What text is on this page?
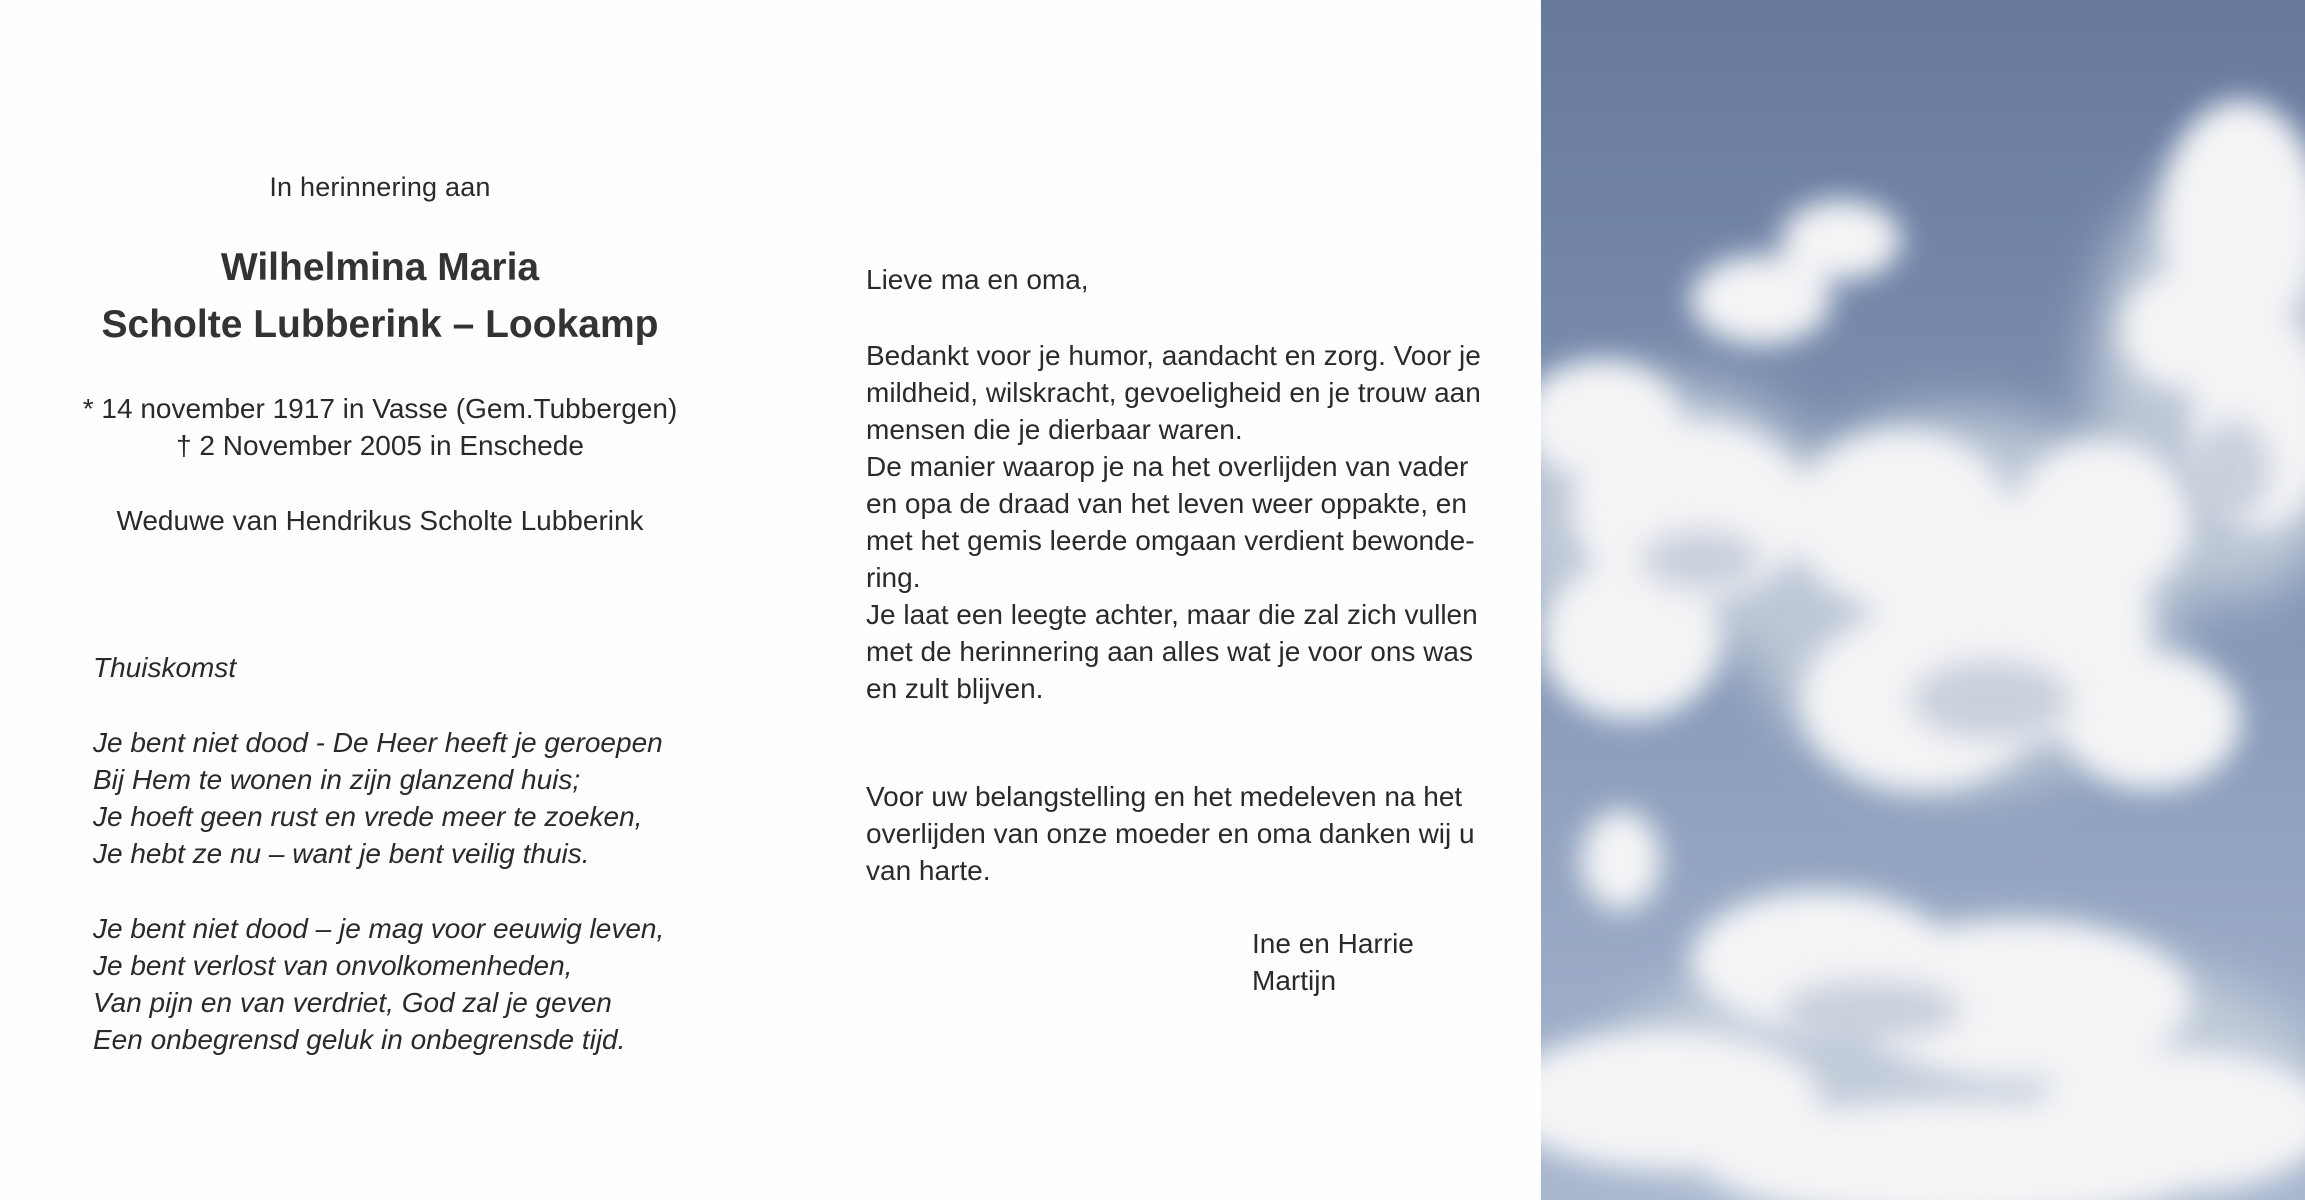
In herinnering aan
Wilhelmina Maria
Scholte Lubberink – Lookamp
* 14 november 1917 in Vasse (Gem.Tubbergen)
† 2 November 2005 in Enschede
Weduwe van Hendrikus Scholte Lubberink
Thuiskomst
Je bent niet dood - De Heer heeft je geroepen
Bij Hem te wonen in zijn glanzend huis;
Je hoeft geen rust en vrede meer te zoeken,
Je hebt ze nu – want je bent veilig thuis.
Je bent niet dood – je mag voor eeuwig leven,
Je bent verlost van onvolkomenheden,
Van pijn en van verdriet, God zal je geven
Een onbegrensd geluk in onbegrensde tijd.
Lieve ma en oma,
Bedankt voor je humor, aandacht en zorg. Voor je
mildheid, wilskracht, gevoeligheid en je trouw aan
mensen die je dierbaar waren.
De manier waarop je na het overlijden van vader
en opa de draad van het leven weer oppakte, en
met het gemis leerde omgaan verdient bewonde-
ring.
Je laat een leegte achter, maar die zal zich vullen
met de herinnering aan alles wat je voor ons was
en zult blijven.
Voor uw belangstelling en het medeleven na het
overlijden van onze moeder en oma danken wij u
van harte.
Ine en Harrie
Martijn
